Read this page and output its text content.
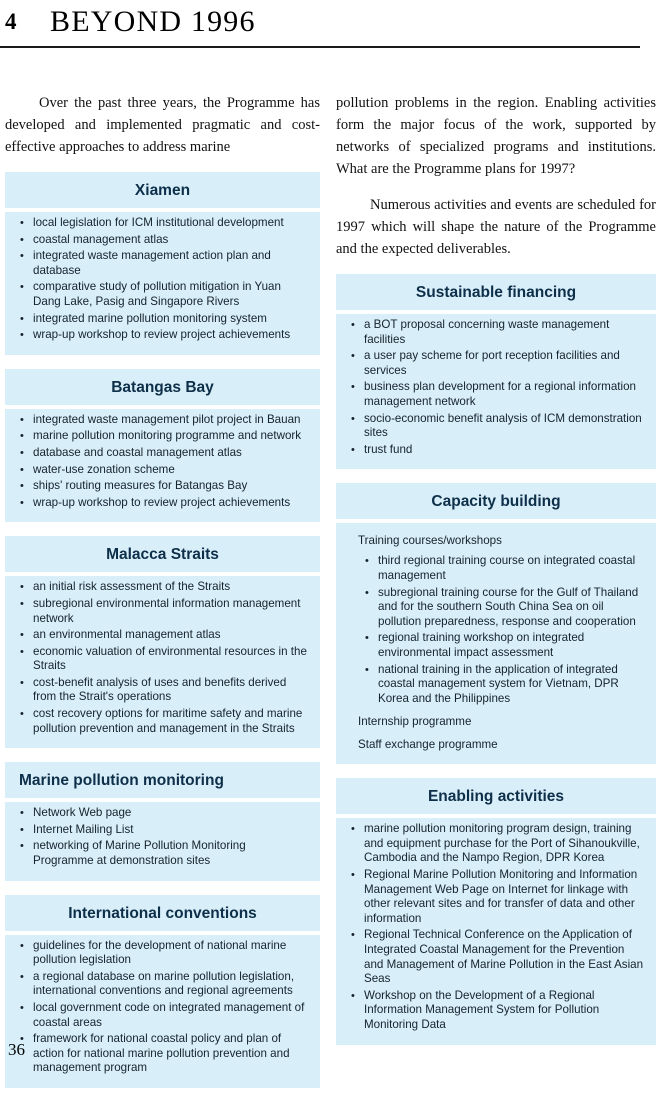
4 BEYOND 1996

Over the past three years, the Programme has developed and implemented pragmatic and cost-effective approaches to address marine

Xiamen
• local legislation for ICM institutional development
• coastal management atlas
• integrated waste management action plan and database
• comparative study of pollution mitigation in Yuan Dang Lake, Pasig and Singapore Rivers
• integrated marine pollution monitoring system
• wrap-up workshop to review project achievements
Batangas Bay
• integrated waste management pilot project in Bauan
• marine pollution monitoring programme and network
• database and coastal management atlas
• water-use zonation scheme
• ships' routing measures for Batangas Bay
• wrap-up workshop to review project achievements
Malacca Straits
• an initial risk assessment of the Straits
• subregional environmental information management network
• an environmental management atlas
• economic valuation of environmental resources in the Straits
• cost-benefit analysis of uses and benefits derived from the Strait's operations
• cost recovery options for maritime safety and marine pollution prevention and management in the Straits
Marine pollution monitoring
• Network Web page
• Internet Mailing List
• networking of Marine Pollution Monitoring Programme at demonstration sites
International conventions
• guidelines for the development of national marine pollution legislation
• a regional database on marine pollution legislation, international conventions and regional agreements
• local government code on integrated management of coastal areas
• framework for national coastal policy and plan of action for national marine pollution prevention and management program

pollution problems in the region. Enabling activities form the major focus of the work, supported by networks of specialized programs and institutions. What are the Programme plans for 1997?

Numerous activities and events are scheduled for 1997 which will shape the nature of the Programme and the expected deliverables.

Sustainable financing
• a BOT proposal concerning waste management facilities
• a user pay scheme for port reception facilities and services
• business plan development for a regional information management network
• socio-economic benefit analysis of ICM demonstration sites
• trust fund
Capacity building
Training courses/workshops
• third regional training course on integrated coastal management
• subregional training course for the Gulf of Thailand and for the southern South China Sea on oil pollution preparedness, response and cooperation
• regional training workshop on integrated environmental impact assessment
• national training in the application of integrated coastal management system for Vietnam, DPR Korea and the Philippines
Internship programme
Staff exchange programme
Enabling activities
• marine pollution monitoring program design, training and equipment purchase for the Port of Sihanoukville, Cambodia and the Nampo Region, DPR Korea
• Regional Marine Pollution Monitoring and Information Management Web Page on Internet for linkage with other relevant sites and for transfer of data and other information
• Regional Technical Conference on the Application of Integrated Coastal Management for the Prevention and Management of Marine Pollution in the East Asian Seas
• Workshop on the Development of a Regional Information Management System for Pollution Monitoring Data
36
